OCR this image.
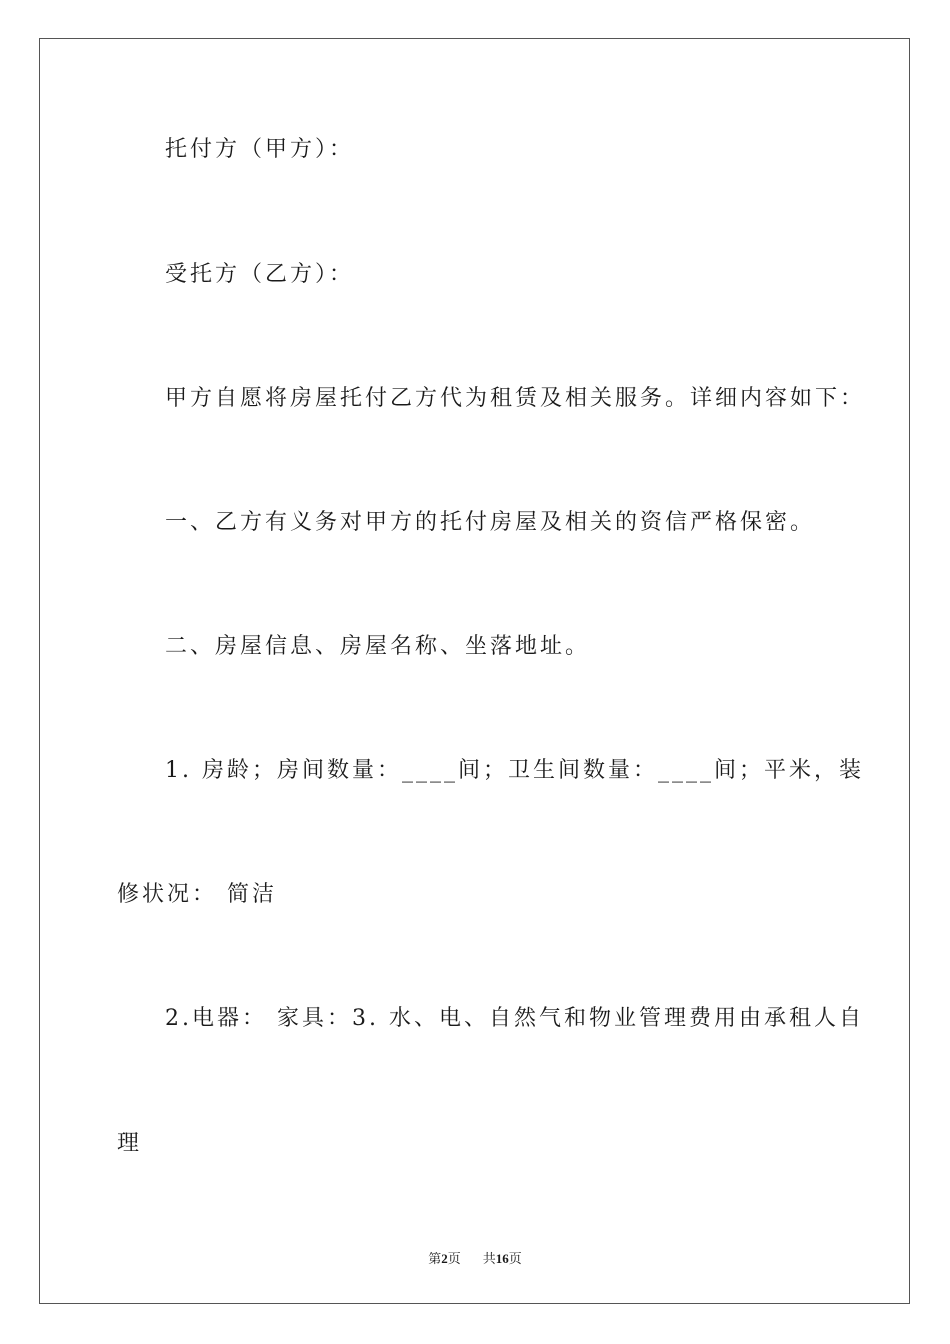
托付方（甲方）：
受托方（乙方）：
甲方自愿将房屋托付乙方代为租赁及相关服务。详细内容如下：
一、乙方有义务对甲方的托付房屋及相关的资信严格保密。
二、房屋信息、房屋名称、坐落地址。
1. 房龄；房间数量：____间；卫生间数量：____间；平米，装
修状况： 简洁
2.电器： 家具：3. 水、电、自然气和物业管理费用由承租人自
理
第2页 共16页
